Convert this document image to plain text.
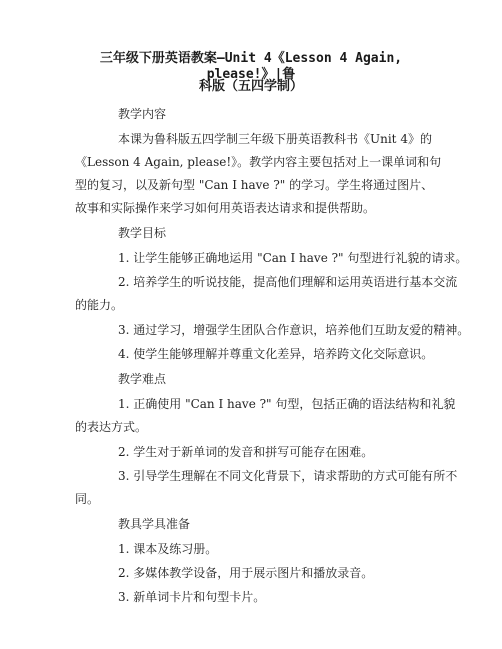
三年级下册英语教案—Unit 4《Lesson 4 Again, please!》|鲁
科版（五四学制）
教学内容
本课为鲁科版五四学制三年级下册英语教科书《Unit 4》的
《Lesson 4 Again, please!》。教学内容主要包括对上一课单词和句
型的复习，以及新句型 "Can I have ?" 的学习。学生将通过图片、
故事和实际操作来学习如何用英语表达请求和提供帮助。
教学目标
1. 让学生能够正确地运用 "Can I have ?" 句型进行礼貌的请求。
2. 培养学生的听说技能，提高他们理解和运用英语进行基本交流
的能力。
3. 通过学习，增强学生团队合作意识，培养他们互助友爱的精神。
4. 使学生能够理解并尊重文化差异，培养跨文化交际意识。
教学难点
1. 正确使用 "Can I have ?" 句型，包括正确的语法结构和礼貌
的表达方式。
2. 学生对于新单词的发音和拼写可能存在困难。
3. 引导学生理解在不同文化背景下，请求帮助的方式可能有所不
同。
教具学具准备
1. 课本及练习册。
2. 多媒体教学设备，用于展示图片和播放录音。
3. 新单词卡片和句型卡片。
